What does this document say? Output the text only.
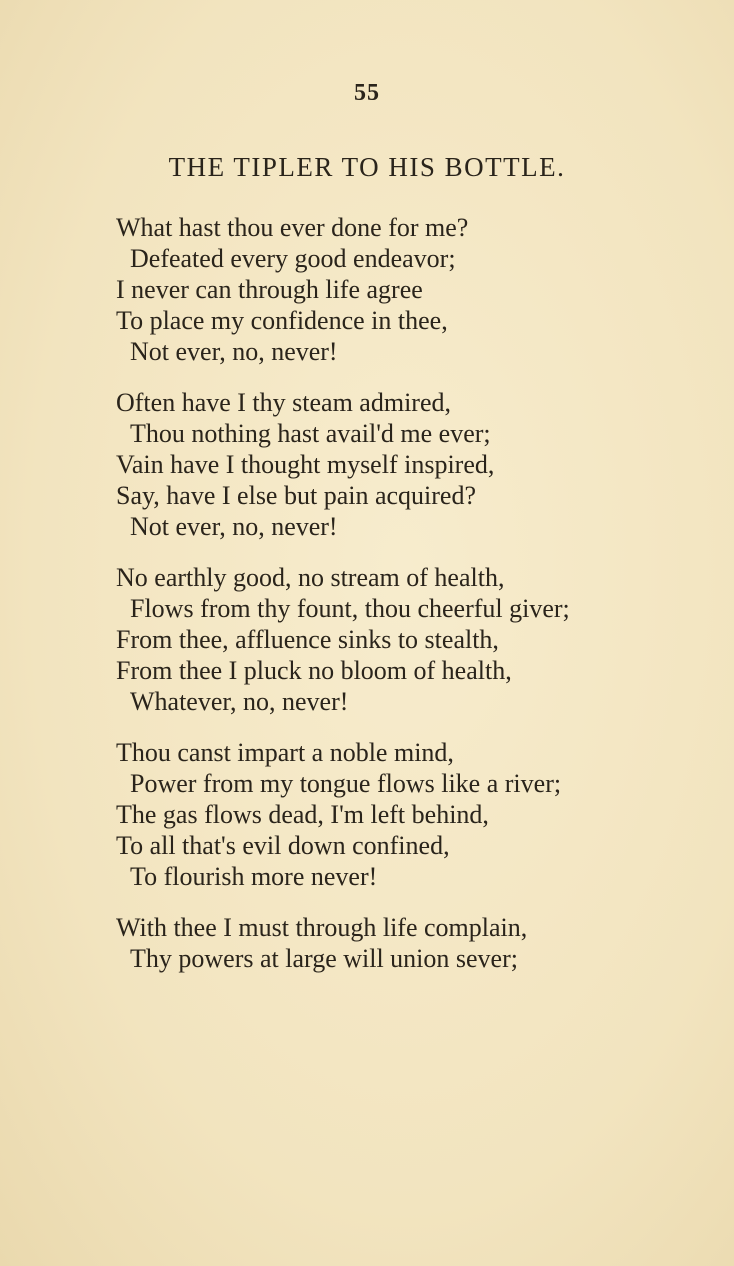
55
THE TIPLER TO HIS BOTTLE.
What hast thou ever done for me?
Defeated every good endeavor;
I never can through life agree
To place my confidence in thee,
Not ever, no, never!
Often have I thy steam admired,
Thou nothing hast avail'd me ever;
Vain have I thought myself inspired,
Say, have I else but pain acquired?
Not ever, no, never!
No earthly good, no stream of health,
Flows from thy fount, thou cheerful giver;
From thee, affluence sinks to stealth,
From thee I pluck no bloom of health,
Whatever, no, never!
Thou canst impart a noble mind,
Power from my tongue flows like a river;
The gas flows dead, I'm left behind,
To all that's evil down confined,
To flourish more never!
With thee I must through life complain,
Thy powers at large will union sever;
